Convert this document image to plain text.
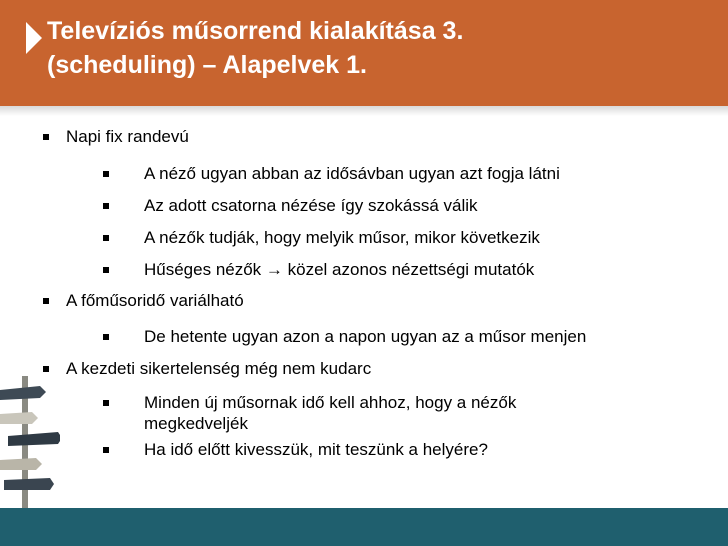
Televíziós műsorrend kialakítása 3.
(scheduling) – Alapelvek 1.
Napi fix randevú
A néző ugyan abban az idősávban ugyan azt fogja látni
Az adott csatorna nézése így szokássá válik
A nézők tudják, hogy melyik műsor, mikor következik
Hűséges nézők → közel azonos nézettségi mutatók
A főműsoridő variálható
De hetente ugyan azon a napon ugyan az a műsor menjen
A kezdeti sikertelenség még nem kudarc
Minden új műsornak idő kell ahhoz, hogy a nézők
megkedveljék
Ha idő előtt kivesszük, mit teszünk a helyére?
